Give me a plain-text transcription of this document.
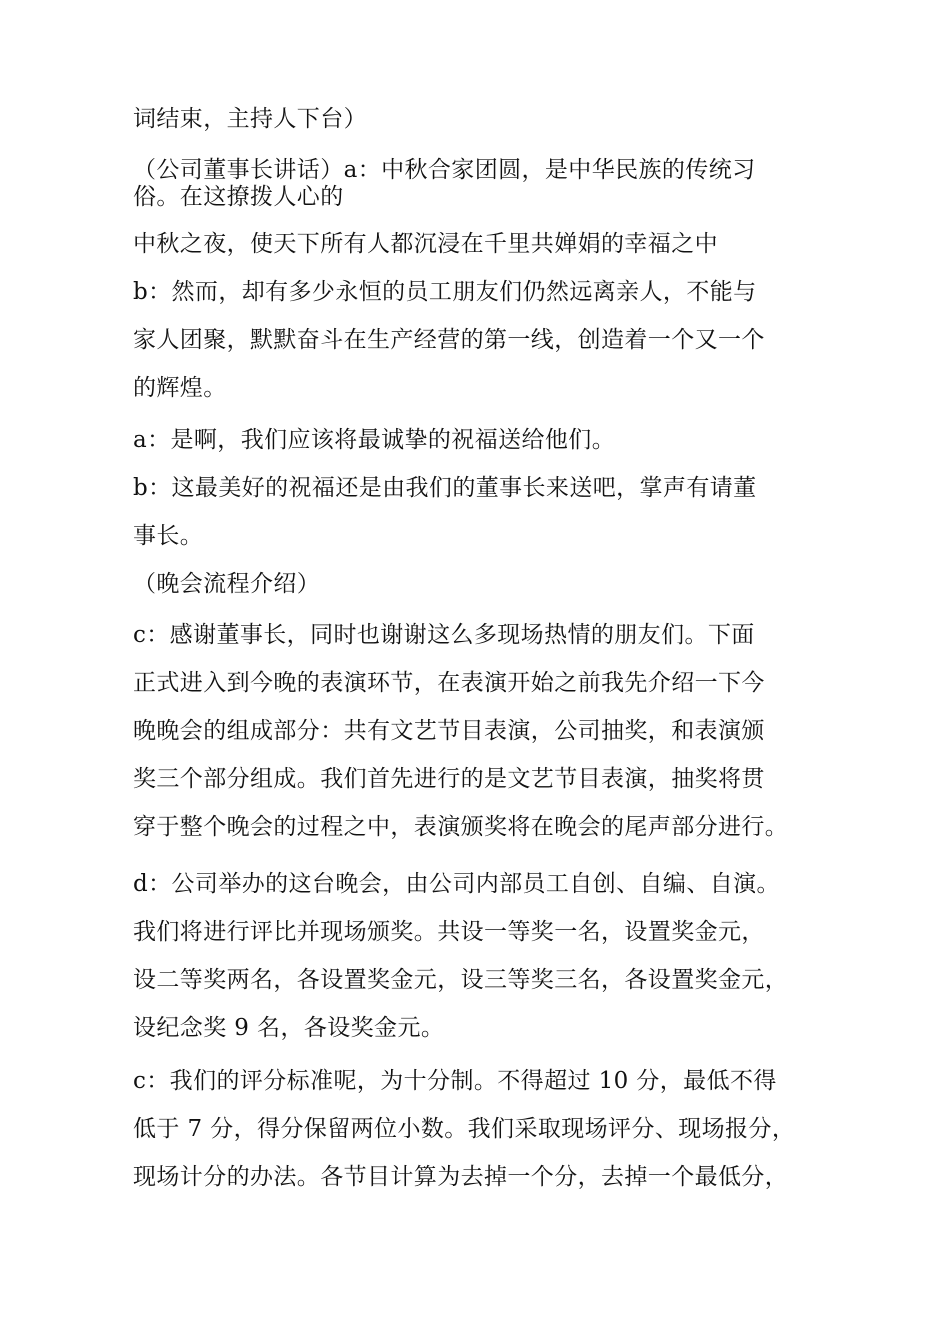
词结束，主持人下台）

（公司董事长讲话）a：中秋合家团圆，是中华民族的传统习

俗。在这撩拨人心的

中秋之夜，使天下所有人都沉浸在千里共婵娟的幸福之中

b：然而，却有多少永恒的员工朋友们仍然远离亲人，不能与

家人团聚，默默奋斗在生产经营的第一线，创造着一个又一个

的辉煌。

a：是啊，我们应该将最诚挚的祝福送给他们。

b：这最美好的祝福还是由我们的董事长来送吧，掌声有请董

事长。

（晚会流程介绍）

c：感谢董事长，同时也谢谢这么多现场热情的朋友们。下面

正式进入到今晚的表演环节，在表演开始之前我先介绍一下今

晚晚会的组成部分：共有文艺节目表演，公司抽奖，和表演颁

奖三个部分组成。我们首先进行的是文艺节目表演，抽奖将贯

穿于整个晚会的过程之中，表演颁奖将在晚会的尾声部分进行。

d：公司举办的这台晚会，由公司内部员工自创、自编、自演。

我们将进行评比并现场颁奖。共设一等奖一名，设置奖金元，

设二等奖两名，各设置奖金元，设三等奖三名，各设置奖金元，

设纪念奖 9 名，各设奖金元。

c：我们的评分标准呢，为十分制。不得超过 10 分，最低不得

低于 7 分，得分保留两位小数。我们采取现场评分、现场报分，

现场计分的办法。各节目计算为去掉一个分，去掉一个最低分，
